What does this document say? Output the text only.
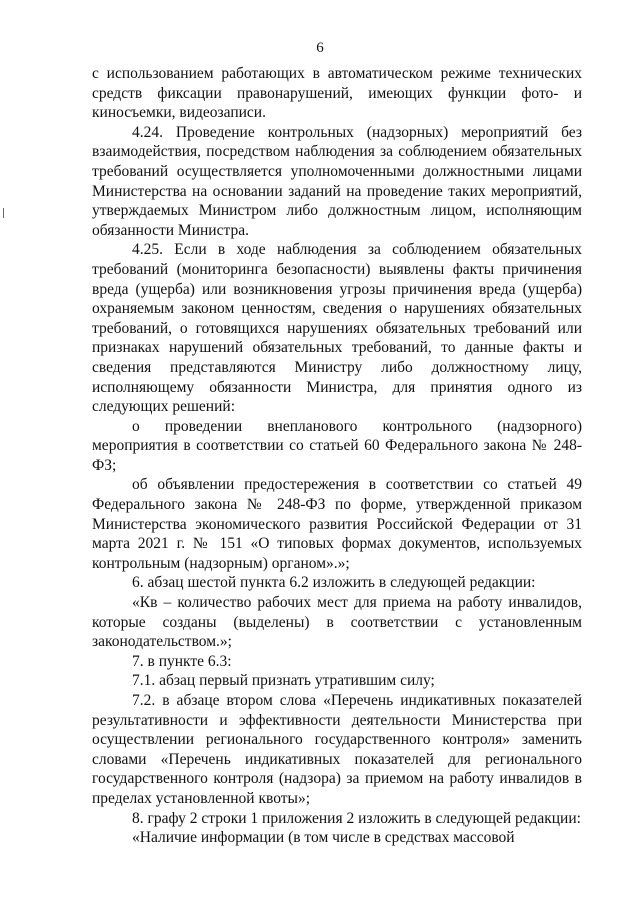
6

с использованием работающих в автоматическом режиме технических средств фиксации правонарушений, имеющих функции фото- и киносъемки, видеозаписи.

4.24. Проведение контрольных (надзорных) мероприятий без взаимодействия, посредством наблюдения за соблюдением обязательных требований осуществляется уполномоченными должностными лицами Министерства на основании заданий на проведение таких мероприятий, утверждаемых Министром либо должностным лицом, исполняющим обязанности Министра.

4.25. Если в ходе наблюдения за соблюдением обязательных требований (мониторинга безопасности) выявлены факты причинения вреда (ущерба) или возникновения угрозы причинения вреда (ущерба) охраняемым законом ценностям, сведения о нарушениях обязательных требований, о готовящихся нарушениях обязательных требований или признаках нарушений обязательных требований, то данные факты и сведения представляются Министру либо должностному лицу, исполняющему обязанности Министра, для принятия одного из следующих решений:

о проведении внепланового контрольного (надзорного) мероприятия в соответствии со статьей 60 Федерального закона № 248-ФЗ;

об объявлении предостережения в соответствии со статьей 49 Федерального закона № 248-ФЗ по форме, утвержденной приказом Министерства экономического развития Российской Федерации от 31 марта 2021 г. № 151 «О типовых формах документов, используемых контрольным (надзорным) органом».»;

6. абзац шестой пункта 6.2 изложить в следующей редакции:

«Кв – количество рабочих мест для приема на работу инвалидов, которые созданы (выделены) в соответствии с установленным законодательством.»;

7. в пункте 6.3:

7.1. абзац первый признать утратившим силу;

7.2. в абзаце втором слова «Перечень индикативных показателей результативности и эффективности деятельности Министерства при осуществлении регионального государственного контроля» заменить словами «Перечень индикативных показателей для регионального государственного контроля (надзора) за приемом на работу инвалидов в пределах установленной квоты»;

8. графу 2 строки 1 приложения 2 изложить в следующей редакции:

«Наличие информации (в том числе в средствах массовой
